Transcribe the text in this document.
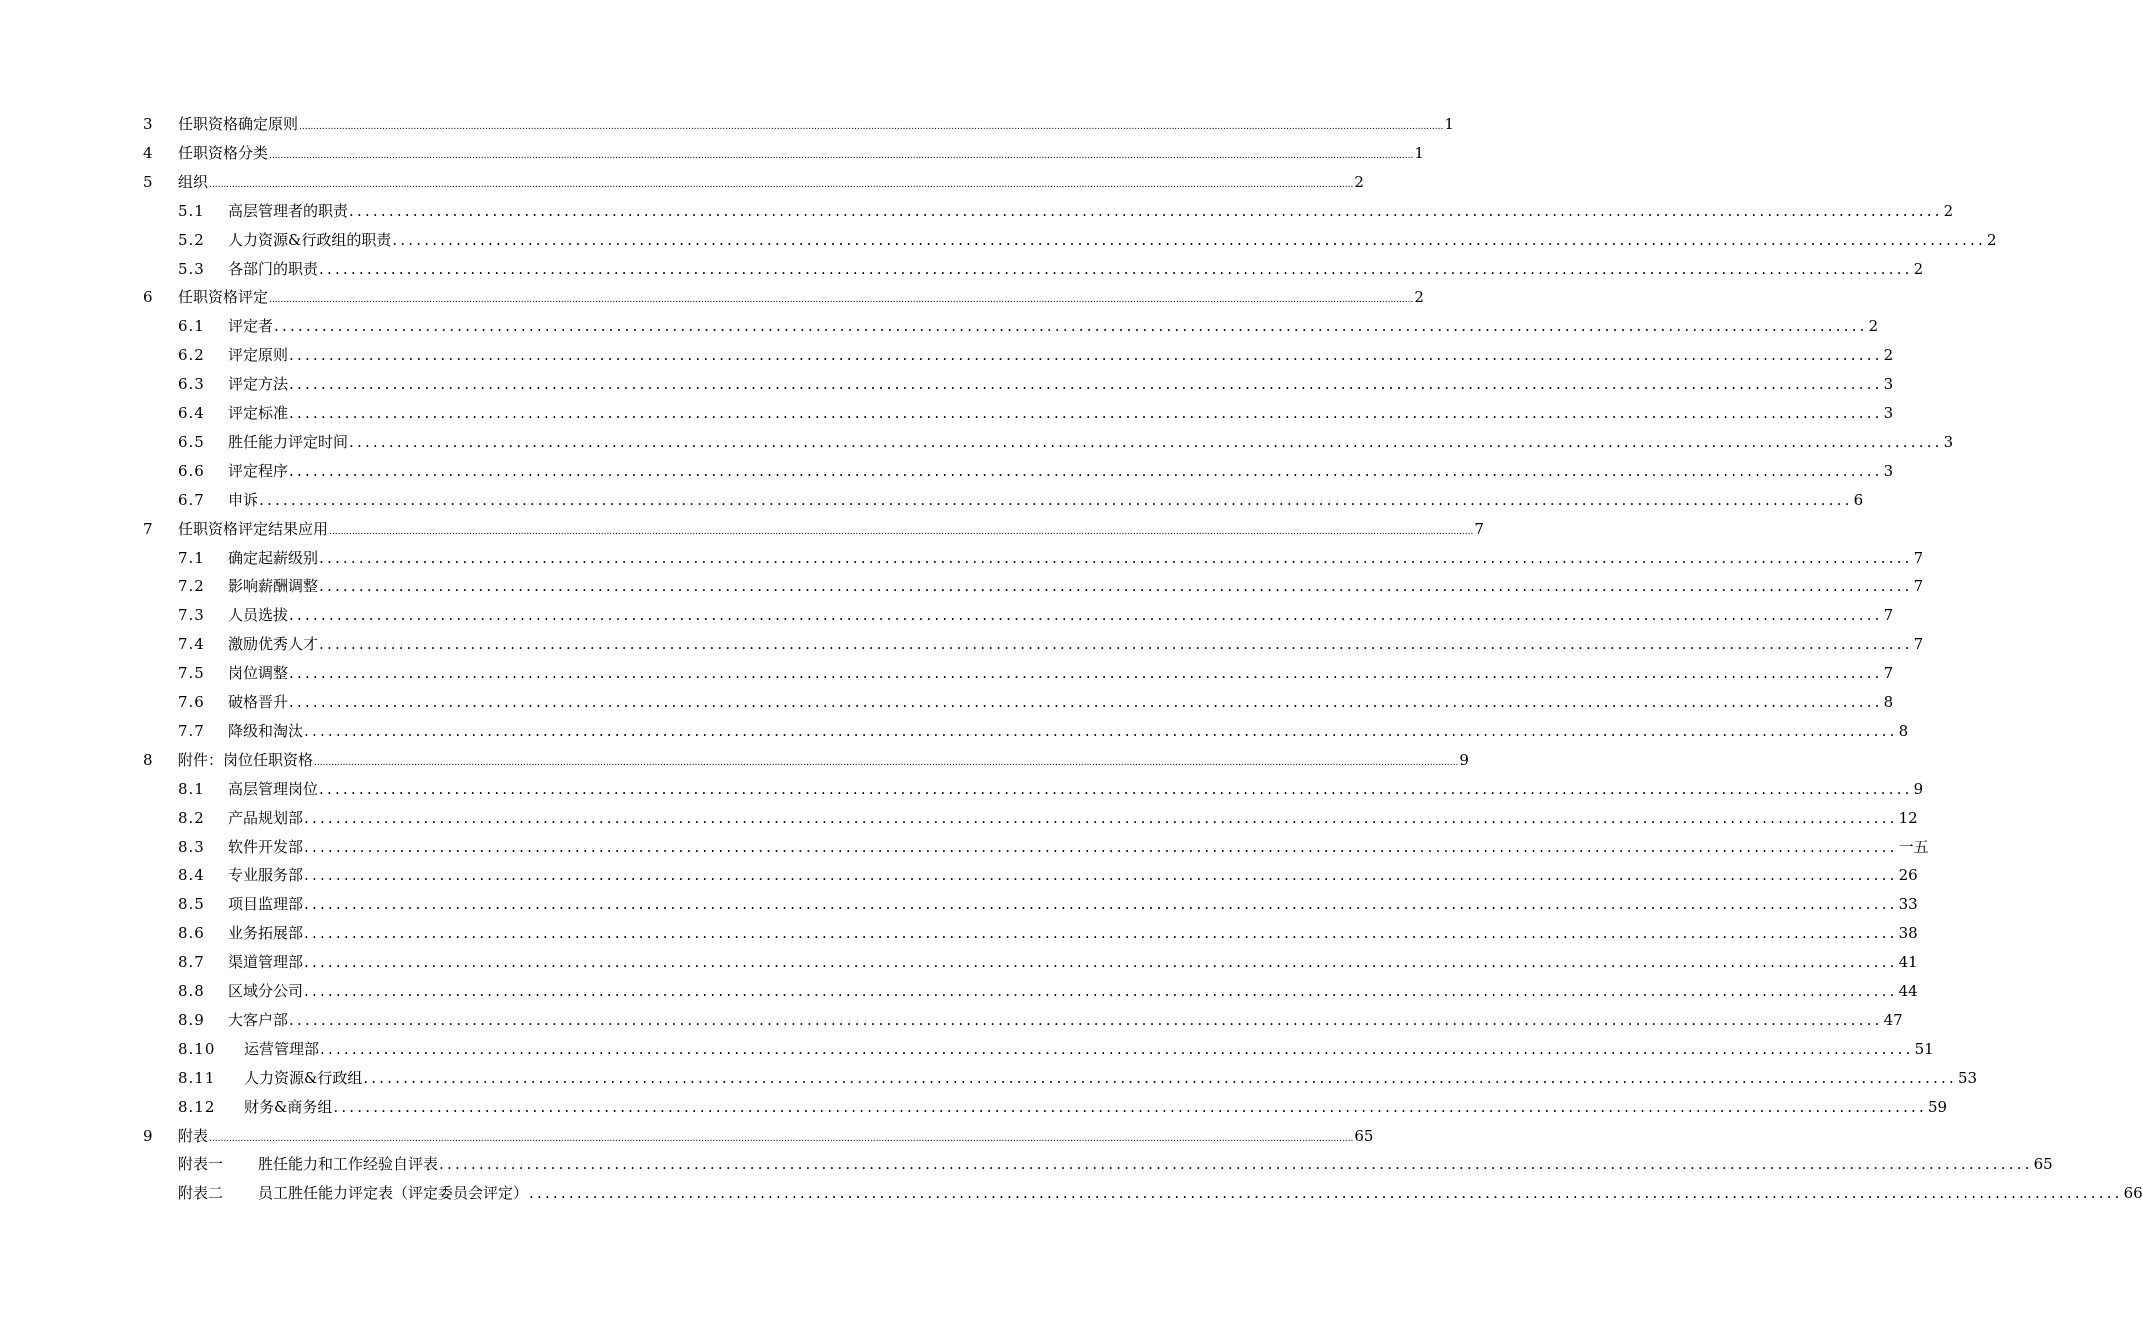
3 任职资格确定原则 ................................................................................................................................................................................................................................................................................................................................................................................................................ 1
4 任职资格分类 ................................................................................................................................................................................................................................................................................................................................................................................................................ 1
5 组织 ................................................................................................................................................................................................................................................................................................................................................................................................................ 2
5.1 高层管理者的职责 ........................................................................................................................................................................................................ 2
5.2 人力资源&行政组的职责 ........................................................................................................................................................................................................ 2
5.3 各部门的职责 ........................................................................................................................................................................................................ 2
6 任职资格评定 ................................................................................................................................................................................................................................................................................................................................................................................................................ 2
6.1 评定者 ........................................................................................................................................................................................................ 2
6.2 评定原则 ........................................................................................................................................................................................................ 2
6.3 评定方法 ........................................................................................................................................................................................................ 3
6.4 评定标准 ........................................................................................................................................................................................................ 3
6.5 胜任能力评定时间 ........................................................................................................................................................................................................ 3
6.6 评定程序 ........................................................................................................................................................................................................ 3
6.7 申诉 ........................................................................................................................................................................................................ 6
7 任职资格评定结果应用 ................................................................................................................................................................................................................................................................................................................................................................................................................ 7
7.1 确定起薪级别 ........................................................................................................................................................................................................ 7
7.2 影响薪酬调整 ........................................................................................................................................................................................................ 7
7.3 人员选拔 ........................................................................................................................................................................................................ 7
7.4 激励优秀人才 ........................................................................................................................................................................................................ 7
7.5 岗位调整 ........................................................................................................................................................................................................ 7
7.6 破格晋升 ........................................................................................................................................................................................................ 8
7.7 降级和淘汰 ........................................................................................................................................................................................................ 8
8 附件：岗位任职资格 ................................................................................................................................................................................................................................................................................................................................................................................................................ 9
8.1 高层管理岗位 ........................................................................................................................................................................................................ 9
8.2 产品规划部 ........................................................................................................................................................................................................ 12
8.3 软件开发部 ........................................................................................................................................................................................................ 一五
8.4 专业服务部 ........................................................................................................................................................................................................ 26
8.5 项目监理部 ........................................................................................................................................................................................................ 33
8.6 业务拓展部 ........................................................................................................................................................................................................ 38
8.7 渠道管理部 ........................................................................................................................................................................................................ 41
8.8 区域分公司 ........................................................................................................................................................................................................ 44
8.9 大客户部 ........................................................................................................................................................................................................ 47
8.10 运营管理部 ........................................................................................................................................................................................................ 51
8.11 人力资源&行政组 ........................................................................................................................................................................................................ 53
8.12 财务&商务组 ........................................................................................................................................................................................................ 59
9 附表 ................................................................................................................................................................................................................................................................................................................................................................................................................ 65
附表一 胜任能力和工作经验自评表 ........................................................................................................................................................................................................ 65
附表二 员工胜任能力评定表（评定委员会评定） ........................................................................................................................................................................................................ 66
